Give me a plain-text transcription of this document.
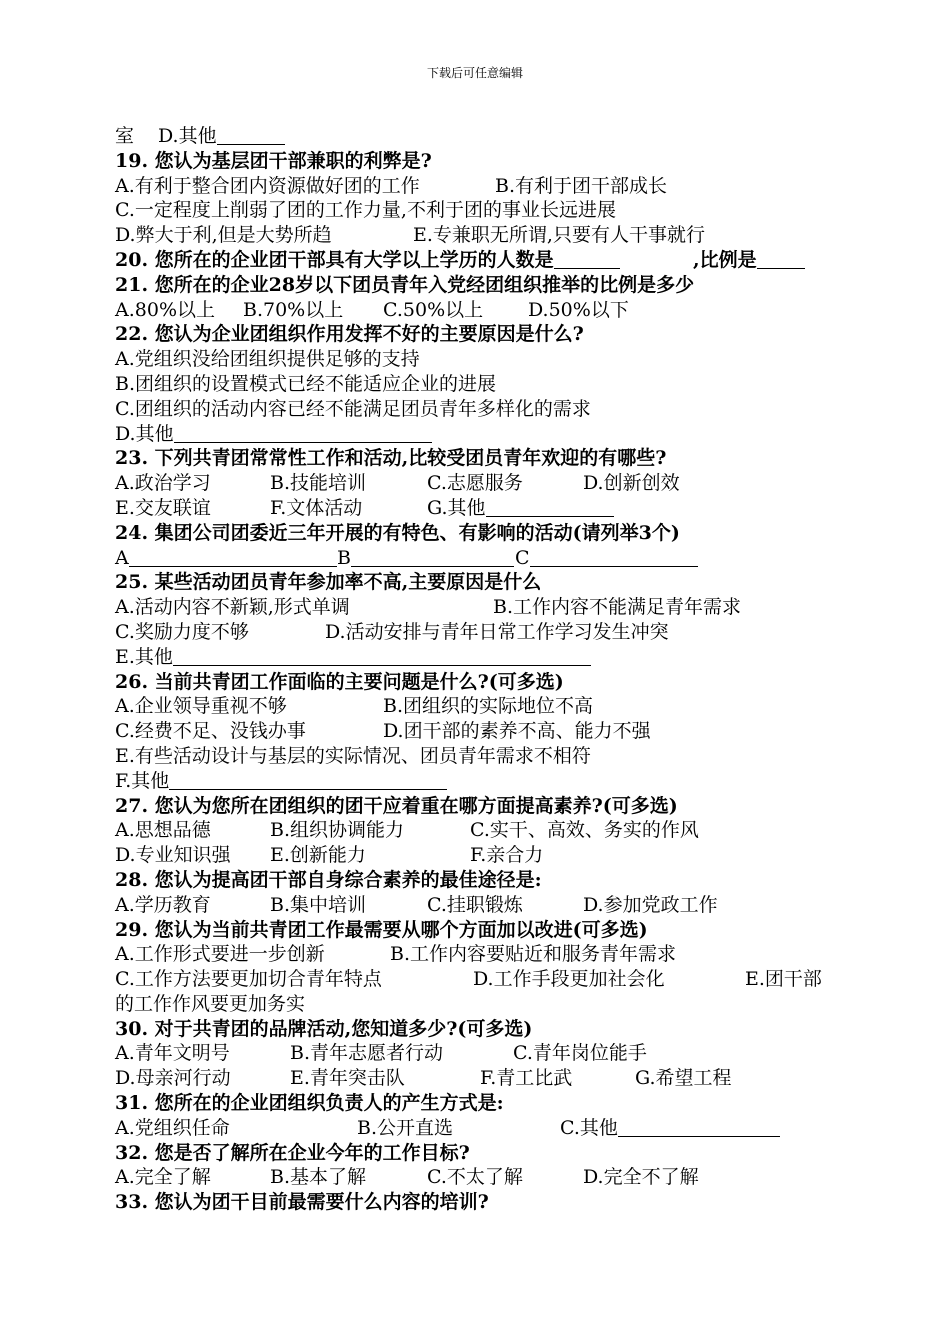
下载后可任意编辑
室 D.其他
19. 您认为基层团干部兼职的利弊是?
A.有利于整合团内资源做好团的工作	B.有利于团干部成长
C.一定程度上削弱了团的工作力量,不利于团的事业长远进展
D.弊大于利,但是大势所趋	E.专兼职无所谓,只要有人干事就行
20. 您所在的企业团干部具有大学以上学历的人数是	,比例是
21. 您所在的企业28岁以下团员青年入党经团组织推举的比例是多少
A.80%以上 B.70%以上 C.50%以上 D.50%以下
22. 您认为企业团组织作用发挥不好的主要原因是什么?
A.党组织没给团组织提供足够的支持
B.团组织的设置模式已经不能适应企业的进展
C.团组织的活动内容已经不能满足团员青年多样化的需求
D.其他
23. 下列共青团常常性工作和活动,比较受团员青年欢迎的有哪些?
A.政治学习	B.技能培训	C.志愿服务	D.创新创效
E.交友联谊	F.文体活动	G.其他
24. 集团公司团委近三年开展的有特色、有影响的活动(请列举3个)
A	B	C
25. 某些活动团员青年参加率不高,主要原因是什么
A.活动内容不新颖,形式单调	B.工作内容不能满足青年需求
C.奖励力度不够	D.活动安排与青年日常工作学习发生冲突
E.其他
26. 当前共青团工作面临的主要问题是什么?(可多选)
A.企业领导重视不够	B.团组织的实际地位不高
C.经费不足、没钱办事	D.团干部的素养不高、能力不强
E.有些活动设计与基层的实际情况、团员青年需求不相符
F.其他
27. 您认为您所在团组织的团干应着重在哪方面提高素养?(可多选)
A.思想品德	B.组织协调能力	C.实干、高效、务实的作风
D.专业知识强 E.创新能力	F.亲合力
28. 您认为提高团干部自身综合素养的最佳途径是:
A.学历教育	B.集中培训	C.挂职锻炼	D.参加党政工作
29. 您认为当前共青团工作最需要从哪个方面加以改进(可多选)
A.工作形式要进一步创新	B.工作内容要贴近和服务青年需求
C.工作方法要更加切合青年特点	D.工作手段更加社会化	E.团干部
的工作作风要更加务实
30. 对于共青团的品牌活动,您知道多少?(可多选)
A.青年文明号	B.青年志愿者行动	C.青年岗位能手
D.母亲河行动	E.青年突击队	F.青工比武	G.希望工程
31. 您所在的企业团组织负责人的产生方式是:
A.党组织任命	B.公开直选	C.其他
32. 您是否了解所在企业今年的工作目标?
A.完全了解	B.基本了解	C.不太了解	D.完全不了解
33. 您认为团干目前最需要什么内容的培训?
